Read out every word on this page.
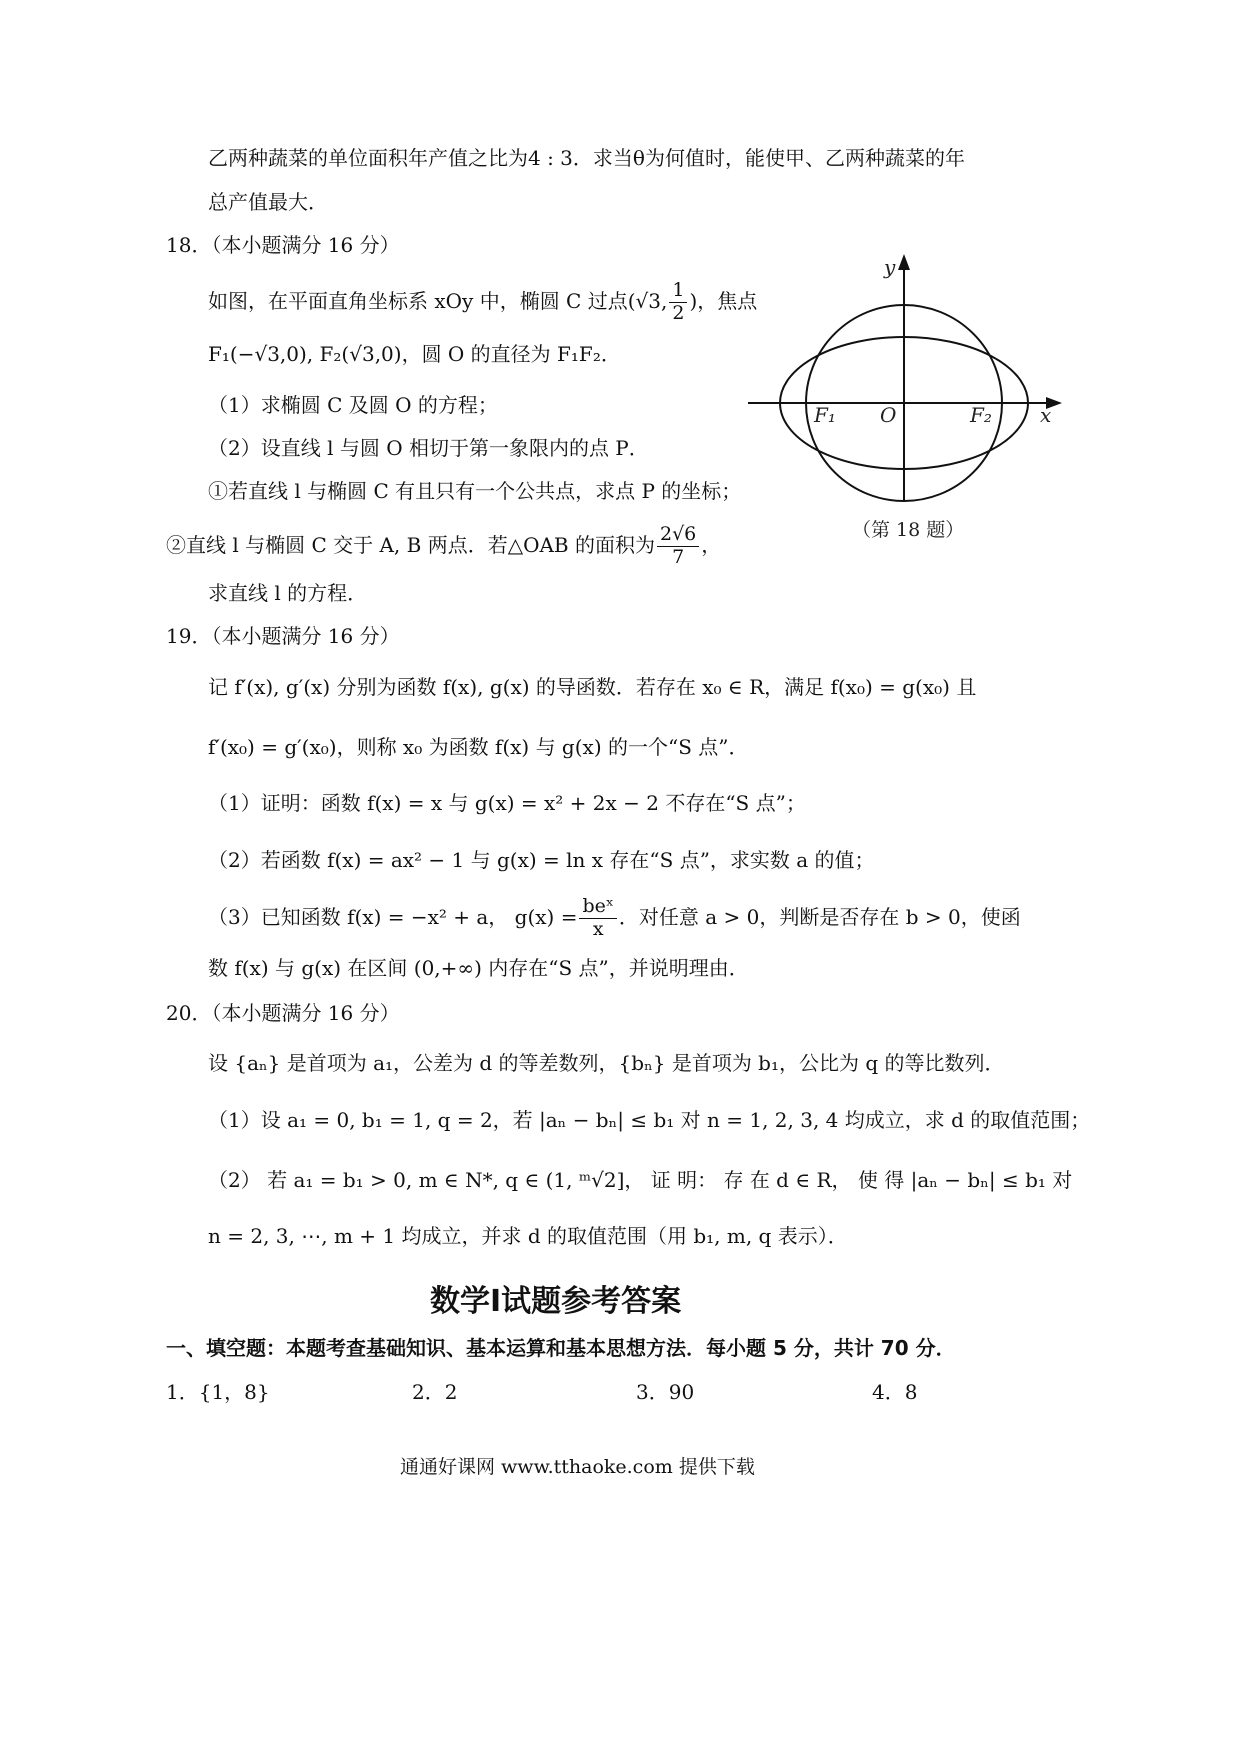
乙两种蔬菜的单位面积年产值之比为4 : 3．求当θ为何值时，能使甲、乙两种蔬菜的年
总产值最大．
18．（本小题满分 16 分）
如图，在平面直角坐标系 xOy 中，椭圆 C 过点(√3, $\frac{1}{2}$ )，焦点
F₁(−√3,0), F₂(√3,0)，圆 O 的直径为 F₁F₂．
（1）求椭圆 C 及圆 O 的方程；
（2）设直线 l 与圆 O 相切于第一象限内的点 P．
①若直线 l 与椭圆 C 有且只有一个公共点，求点 P 的坐标；
②直线 l 与椭圆 C 交于 A, B 两点．若△OAB 的面积为 $\frac{2√6}{7}$ ，
求直线 l 的方程．
y
x
O
F₁	F₂
（第 18 题）
19．（本小题满分 16 分）
记 f′(x), g′(x) 分别为函数 f(x), g(x) 的导函数．若存在 x₀ ∈ R，满足 f(x₀) = g(x₀) 且
f′(x₀) = g′(x₀)，则称 x₀ 为函数 f(x) 与 g(x) 的一个“S 点”．
（1）证明：函数 f(x) = x 与 g(x) = x² + 2x − 2 不存在“S 点”；
（2）若函数 f(x) = ax² − 1 与 g(x) = ln x 存在“S 点”，求实数 a 的值；
（3）已知函数 f(x) = −x² + a， $g(x) = \frac{\text{beˣ}}{x}$ ．对任意 a > 0，判断是否存在 b > 0，使函
数 f(x) 与 g(x) 在区间 (0,+∞) 内存在“S 点”，并说明理由．
20．（本小题满分 16 分）
设 {aₙ} 是首项为 a₁，公差为 d 的等差数列，{bₙ} 是首项为 b₁，公比为 q 的等比数列．
（1）设 a₁ = 0, b₁ = 1, q = 2，若 |aₙ − bₙ| ≤ b₁ 对 n = 1, 2, 3, 4 均成立，求 d 的取值范围；
（2） 若 a₁ = b₁ > 0, m ∈ N*, q ∈ (1, ᵐ√2]， 证 明： 存 在 d ∈ R， 使 得 |aₙ − bₙ| ≤ b₁ 对
n = 2, 3, ⋯, m + 1 均成立，并求 d 的取值范围（用 b₁, m, q 表示）．
数学Ⅰ试题参考答案
一、填空题：本题考查基础知识、基本运算和基本思想方法．每小题 5 分，共计 70 分．
1．{1，8}	2．2	3．90	4．8
通通好课网 www.tthaoke.com 提供下载
